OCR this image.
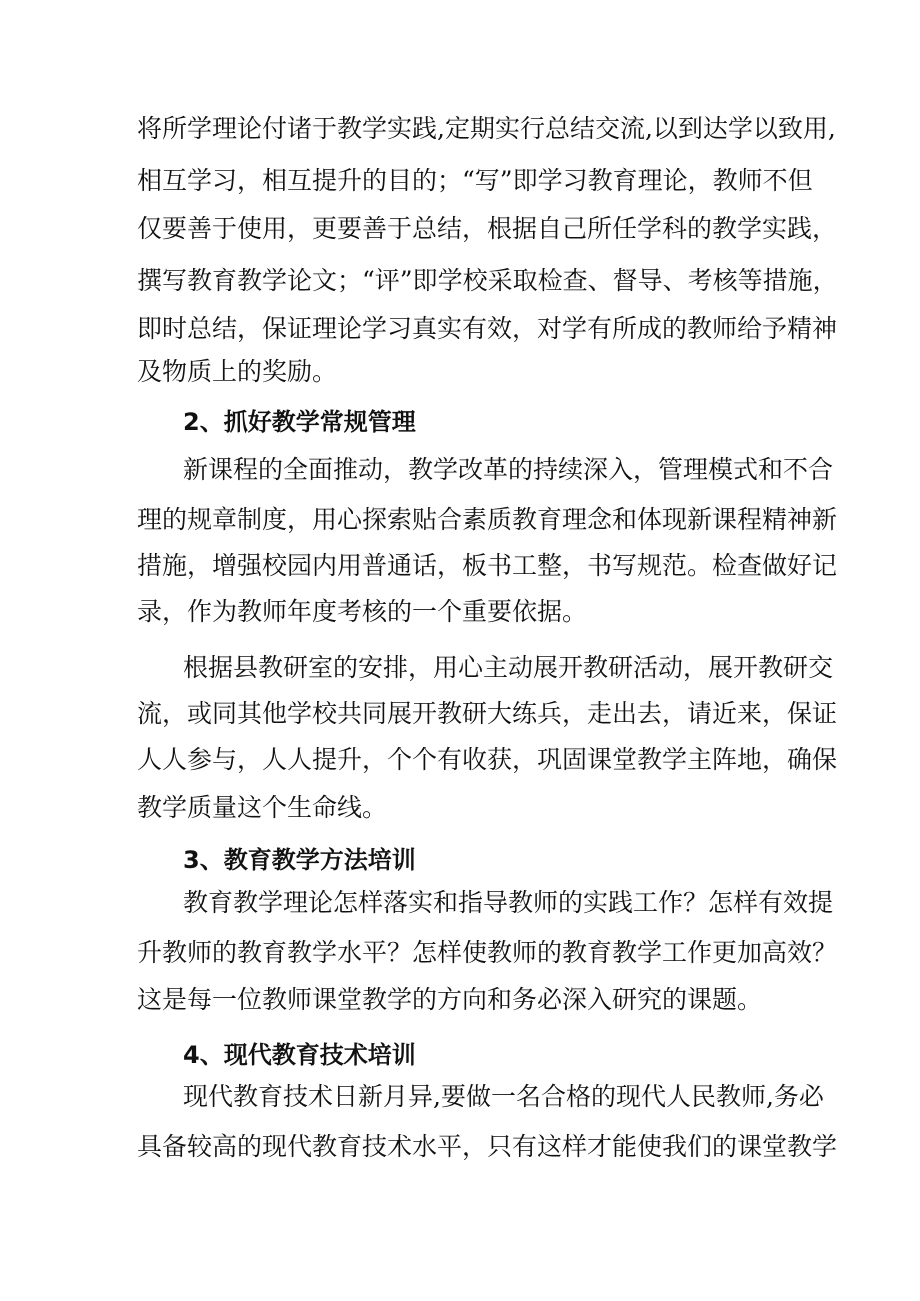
将所学理论付诸于教学实践,定期实行总结交流,以到达学以致用,
相互学习，相互提升的目的；“写”即学习教育理论，教师不但
仅要善于使用，更要善于总结，根据自己所任学科的教学实践，
撰写教育教学论文；“评”即学校采取检查、督导、考核等措施，
即时总结，保证理论学习真实有效，对学有所成的教师给予精神
及物质上的奖励。
2、抓好教学常规管理
新课程的全面推动，教学改革的持续深入，管理模式和不合
理的规章制度，用心探索贴合素质教育理念和体现新课程精神新
措施，增强校园内用普通话，板书工整，书写规范。检查做好记
录，作为教师年度考核的一个重要依据。
根据县教研室的安排，用心主动展开教研活动，展开教研交
流，或同其他学校共同展开教研大练兵，走出去，请近来，保证
人人参与，人人提升，个个有收获，巩固课堂教学主阵地，确保
教学质量这个生命线。
3、教育教学方法培训
教育教学理论怎样落实和指导教师的实践工作？怎样有效提
升教师的教育教学水平？怎样使教师的教育教学工作更加高效？
这是每一位教师课堂教学的方向和务必深入研究的课题。
4、现代教育技术培训
现代教育技术日新月异,要做一名合格的现代人民教师,务必
具备较高的现代教育技术水平，只有这样才能使我们的课堂教学
